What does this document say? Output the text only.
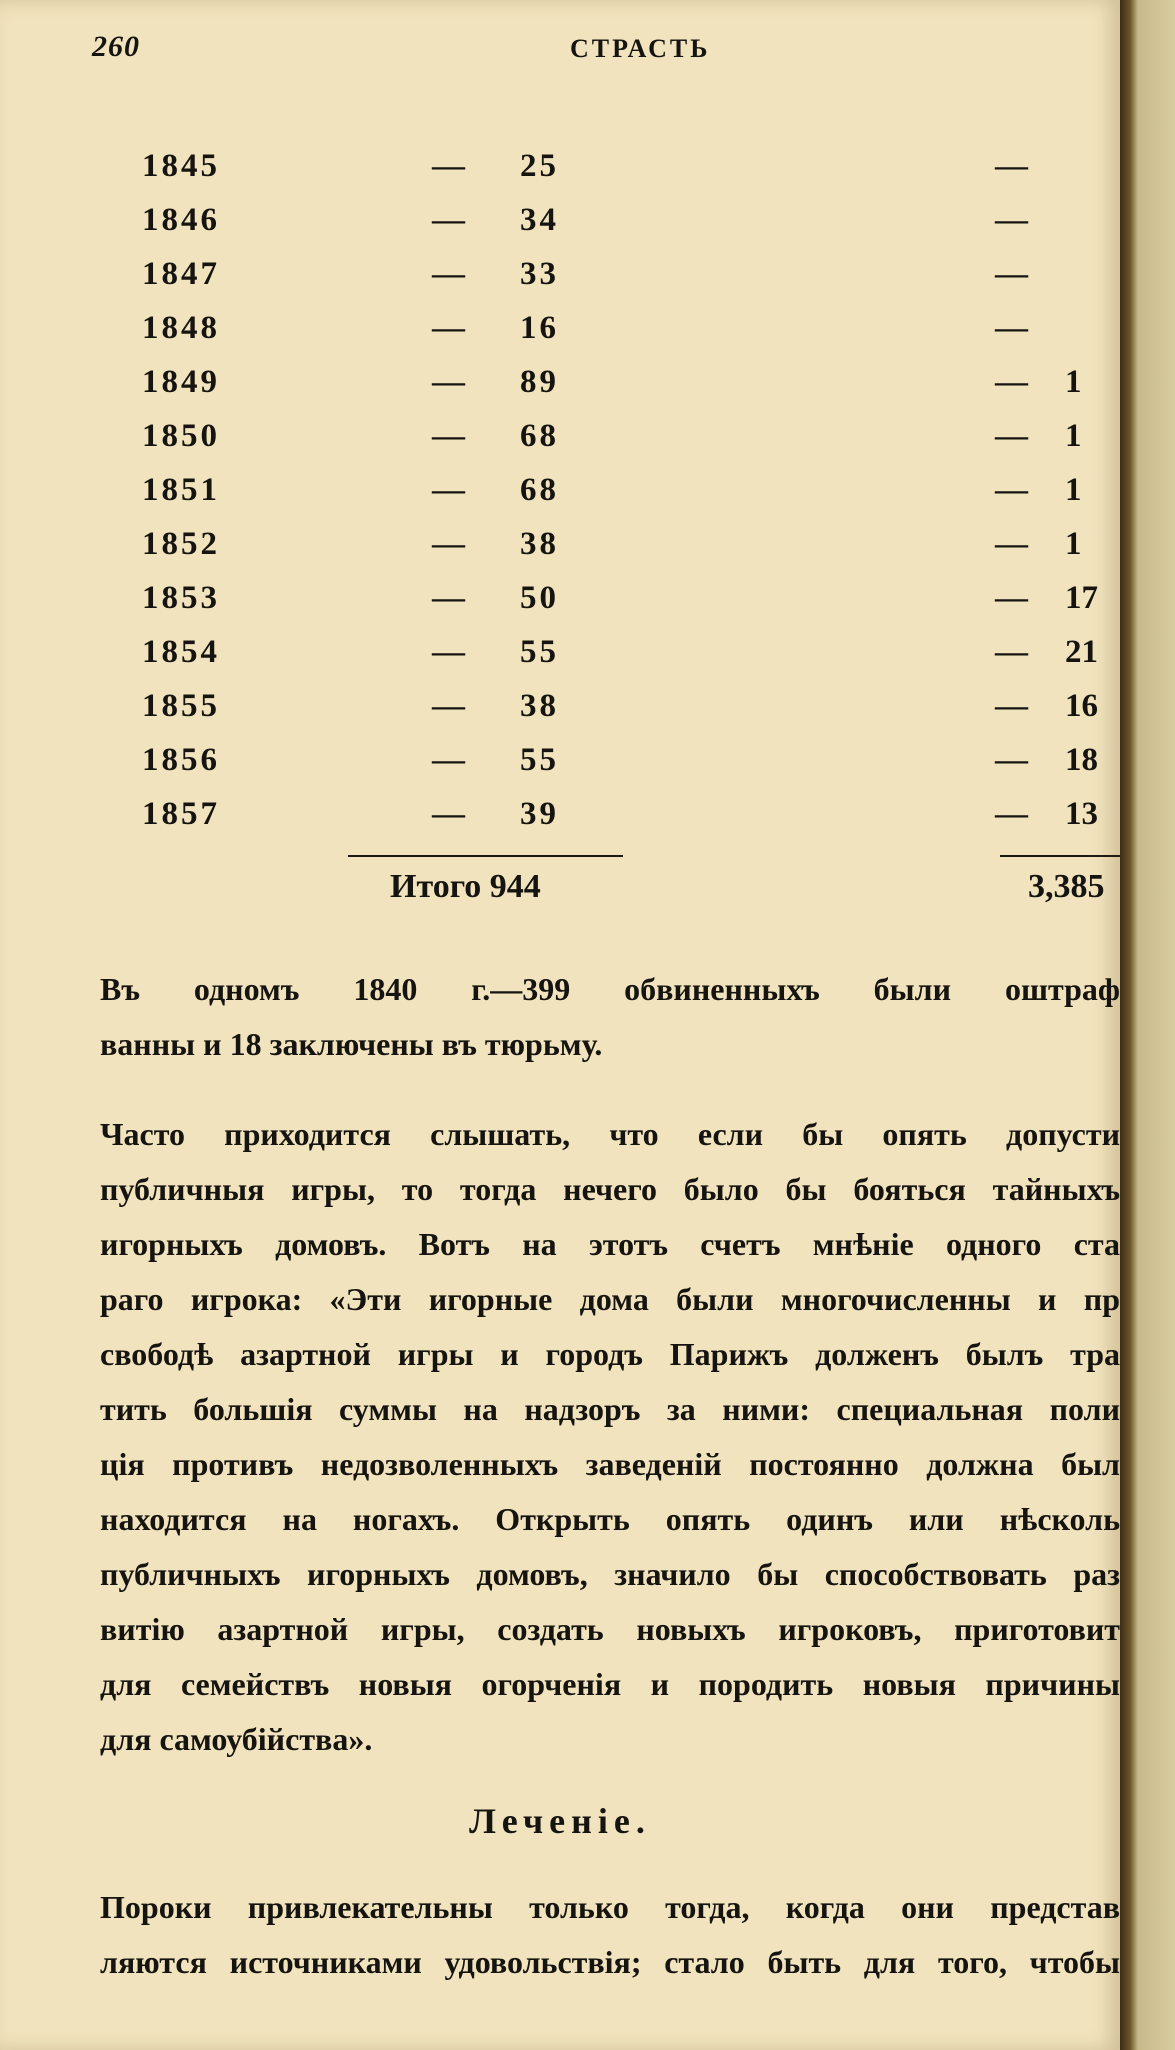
260	СТРАСТЬ
1845	— 25	—
1846	— 34	—
1847	— 33	—
1848	— 16	—
1849	— 89	— 1
1850	— 68	— 1
1851	— 68	— 1
1852	— 38	— 1
1853	— 50	— 17
1854	— 55	— 21
1855	— 38	— 16
1856	— 55	— 18
1857	— 39	— 13
Итого 944	3,385
Въ одномъ 1840 г.—399 обвиненныхъ были оштраф
ванны и 18 заключены въ тюрьму.
Часто приходится слышать, что если бы опять допусти
публичныя игры, то тогда нечего было бы бояться тайныхъ
игорныхъ домовъ. Вотъ на этотъ счетъ мнѣніе одного ста
раго игрока: «Эти игорные дома были многочисленны и пр
свободѣ азартной игры и городъ Парижъ долженъ былъ тра
тить большія суммы на надзоръ за ними: специальная поли
ція противъ недозволенныхъ заведеній постоянно должна был
находится на ногахъ. Открыть опять одинъ или нѣсколь
публичныхъ игорныхъ домовъ, значило бы способствовать раз
витію азартной игры, создать новыхъ игроковъ, приготовит
для семействъ новыя огорченія и породить новыя причины
для самоубійства».
Леченіе.
Пороки привлекательны только тогда, когда они представ
ляются источниками удовольствія; стало быть для того, чтобы
